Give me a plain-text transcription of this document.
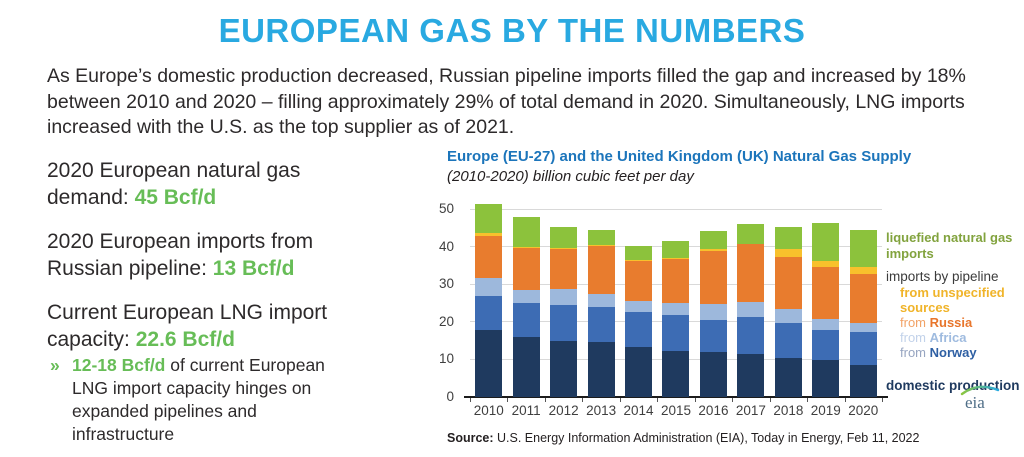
EUROPEAN GAS BY THE NUMBERS
As Europe’s domestic production decreased, Russian pipeline imports filled the gap and increased by 18% between 2010 and 2020 – filling approximately 29% of total demand in 2020. Simultaneously, LNG imports increased with the U.S. as the top supplier as of 2021.
2020 European natural gas demand: 45 Bcf/d
2020 European imports from Russian pipeline: 13 Bcf/d
Current European LNG import capacity: 22.6 Bcf/d
» 12-18 Bcf/d of current European LNG import capacity hinges on expanded pipelines and infrastructure
Europe (EU-27) and the United Kingdom (UK) Natural Gas Supply
(2010-2020) billion cubic feet per day
0
10
20
30
40
50
2010 2011 2012 2013 2014 2015 2016 2017 2018 2019 2020
liquefied natural gas imports
imports by pipeline
from unspecified sources
from Russia
from Africa
from Norway
domestic production
Source: U.S. Energy Information Administration (EIA), Today in Energy, Feb 11, 2022
eia
